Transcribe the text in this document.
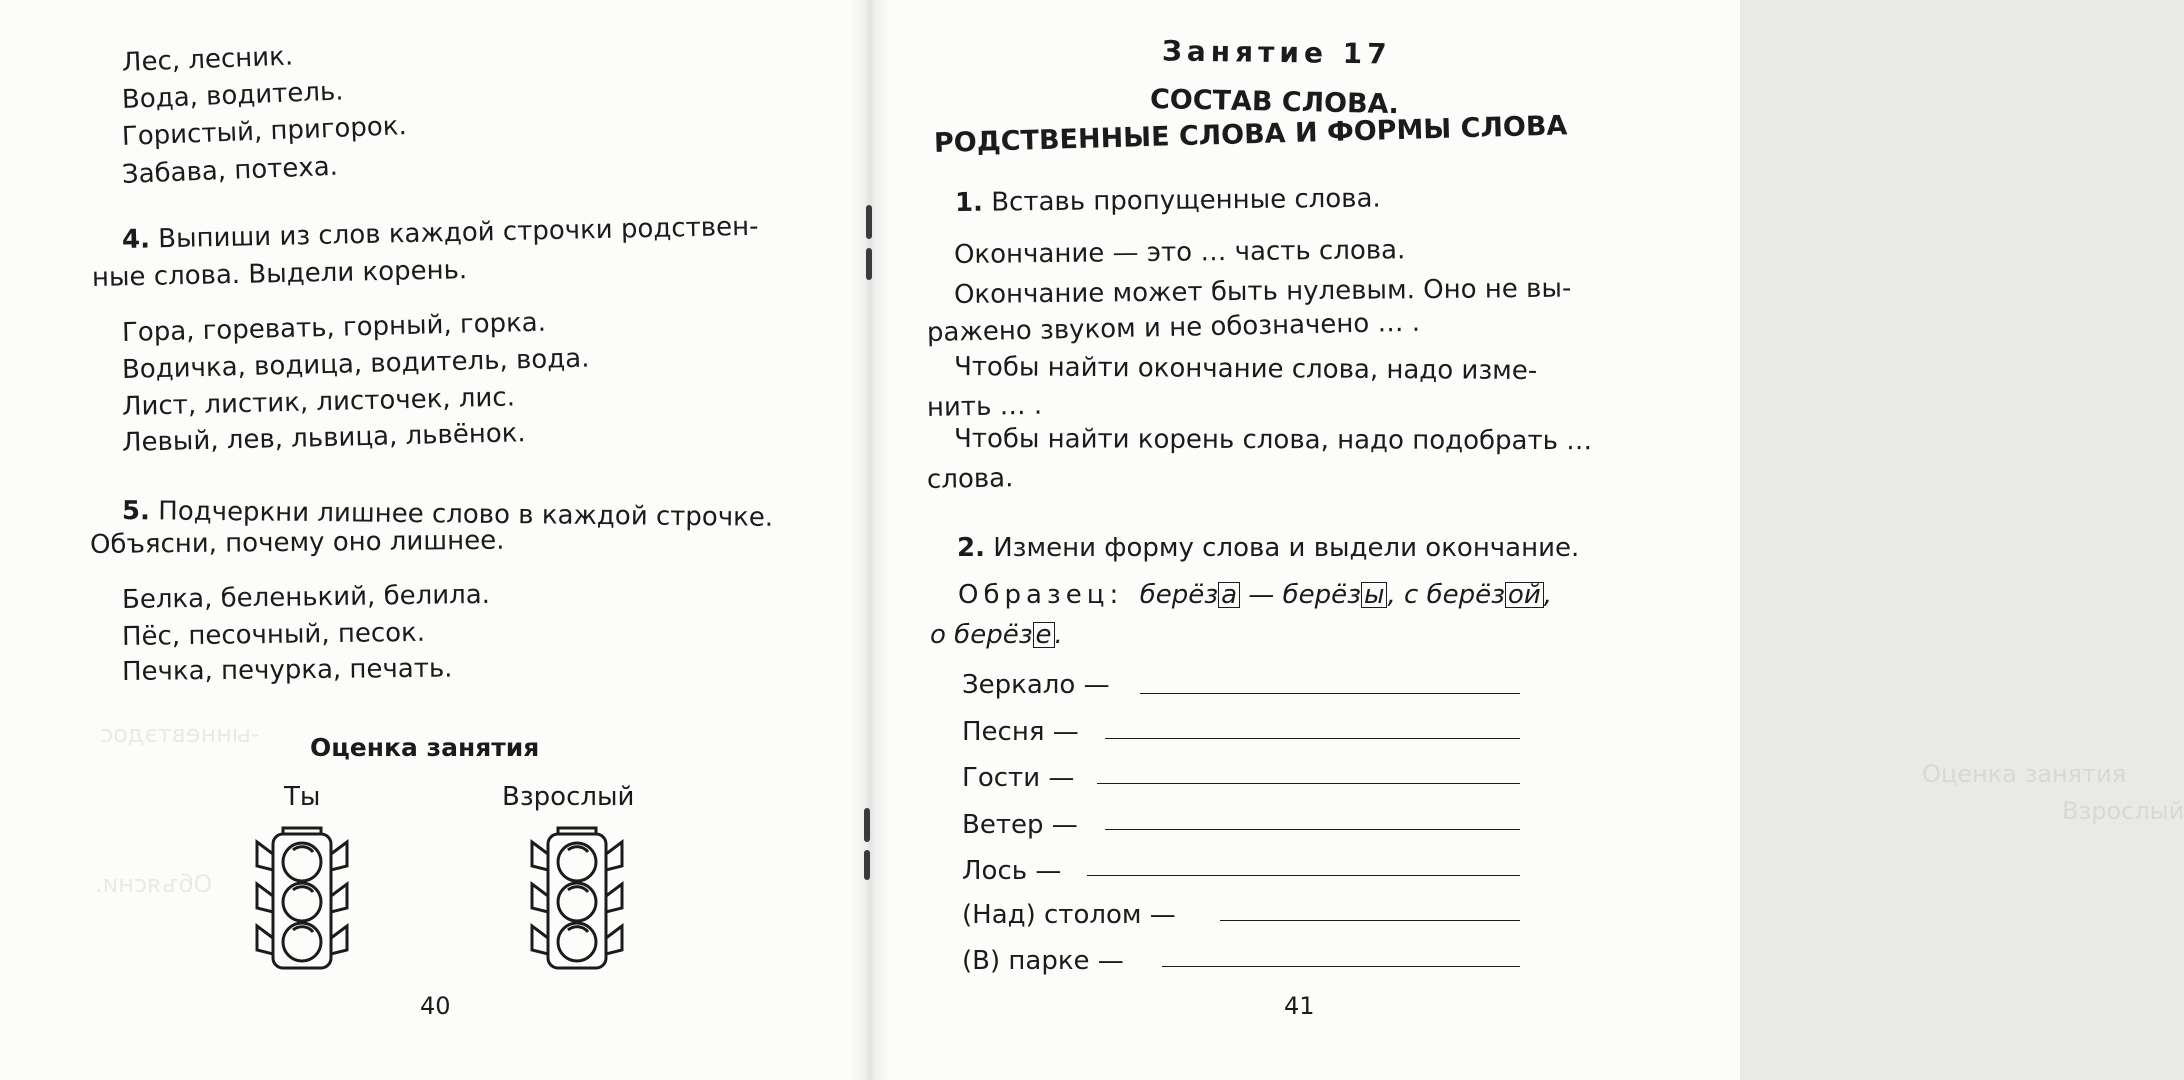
Объясни.
-ынневтэдос
Лес, лесник.
Вода, водитель.
Гористый, пригорок.
Забава, потеха.
4. Выпиши из слов каждой строчки родствен-
ные слова. Выдели корень.
Гора, горевать, горный, горка.
Водичка, водица, водитель, вода.
Лист, листик, листочек, лис.
Левый, лев, львица, львёнок.
5. Подчеркни лишнее слово в каждой строчке.
Объясни, почему оно лишнее.
Белка, беленький, белила.
Пёс, песочный, песок.
Печка, печурка, печать.
Оценка занятия
Ты	Взрослый
40
Оценка занятия
Взрослый
Занятие 17
СОСТАВ СЛОВА.
РОДСТВЕННЫЕ СЛОВА И ФОРМЫ СЛОВА
1. Вставь пропущенные слова.
Окончание — это … часть слова.
Окончание может быть нулевым. Оно не вы-
ражено звуком и не обозначено … .
Чтобы найти окончание слова, надо изме-
нить … .
Чтобы найти корень слова, надо подобрать …
слова.
2. Измени форму слова и выдели окончание.
Образец: берёз а — берёз ы , с берёз ой ,
о берёз е .
Зеркало —
Песня —
Гости —
Ветер —
Лось —
(Над) столом —
(В) парке —
41
